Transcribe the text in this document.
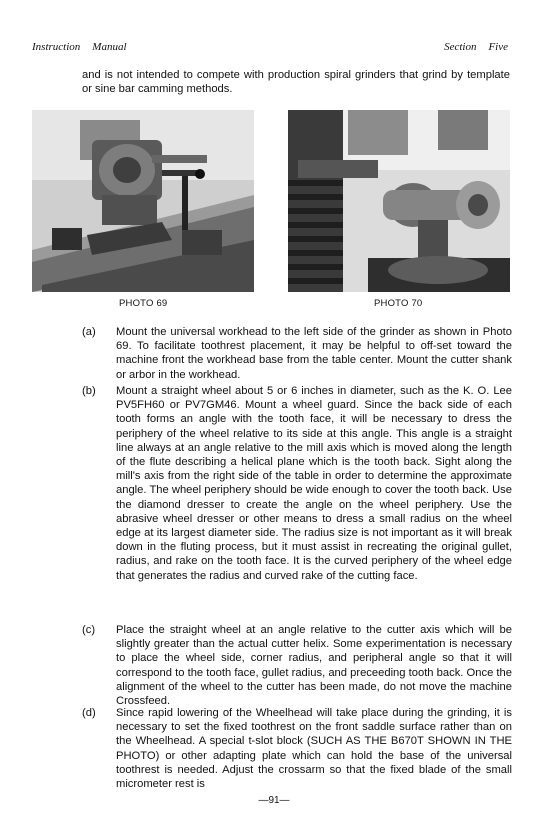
Instruction Manual	Section Five
and is not intended to compete with production spiral grinders that grind by template or sine bar camming methods.
PHOTO 69	PHOTO 70
(a)	Mount the universal workhead to the left side of the grinder as shown in Photo 69. To facilitate toothrest placement, it may be helpful to off-set toward the machine front the workhead base from the table center. Mount the cutter shank or arbor in the workhead.
(b)	Mount a straight wheel about 5 or 6 inches in diameter, such as the K. O. Lee PV5FH60 or PV7GM46. Mount a wheel guard. Since the back side of each tooth forms an angle with the tooth face, it will be necessary to dress the periphery of the wheel relative to its side at this angle. This angle is a straight line always at an angle relative to the mill axis which is moved along the length of the flute describing a helical plane which is the tooth back. Sight along the mill's axis from the right side of the table in order to determine the approximate angle. The wheel periphery should be wide enough to cover the tooth back. Use the diamond dresser to create the angle on the wheel periphery. Use the abrasive wheel dresser or other means to dress a small radius on the wheel edge at its largest diameter side. The radius size is not important as it will break down in the fluting process, but it must assist in recreating the original gullet, radius, and rake on the tooth face. It is the curved periphery of the wheel edge that generates the radius and curved rake of the cutting face.
(c)	Place the straight wheel at an angle relative to the cutter axis which will be slightly greater than the actual cutter helix. Some experimentation is necessary to place the wheel side, corner radius, and peripheral angle so that it will correspond to the tooth face, gullet radius, and preceeding tooth back. Once the alignment of the wheel to the cutter has been made, do not move the machine Crossfeed.
(d)	Since rapid lowering of the Wheelhead will take place during the grinding, it is necessary to set the fixed toothrest on the front saddle surface rather than on the Wheelhead. A special t-slot block (SUCH AS THE B670T SHOWN IN THE PHOTO) or other adapting plate which can hold the base of the universal toothrest is needed. Adjust the crossarm so that the fixed blade of the small micrometer rest is
—91—
